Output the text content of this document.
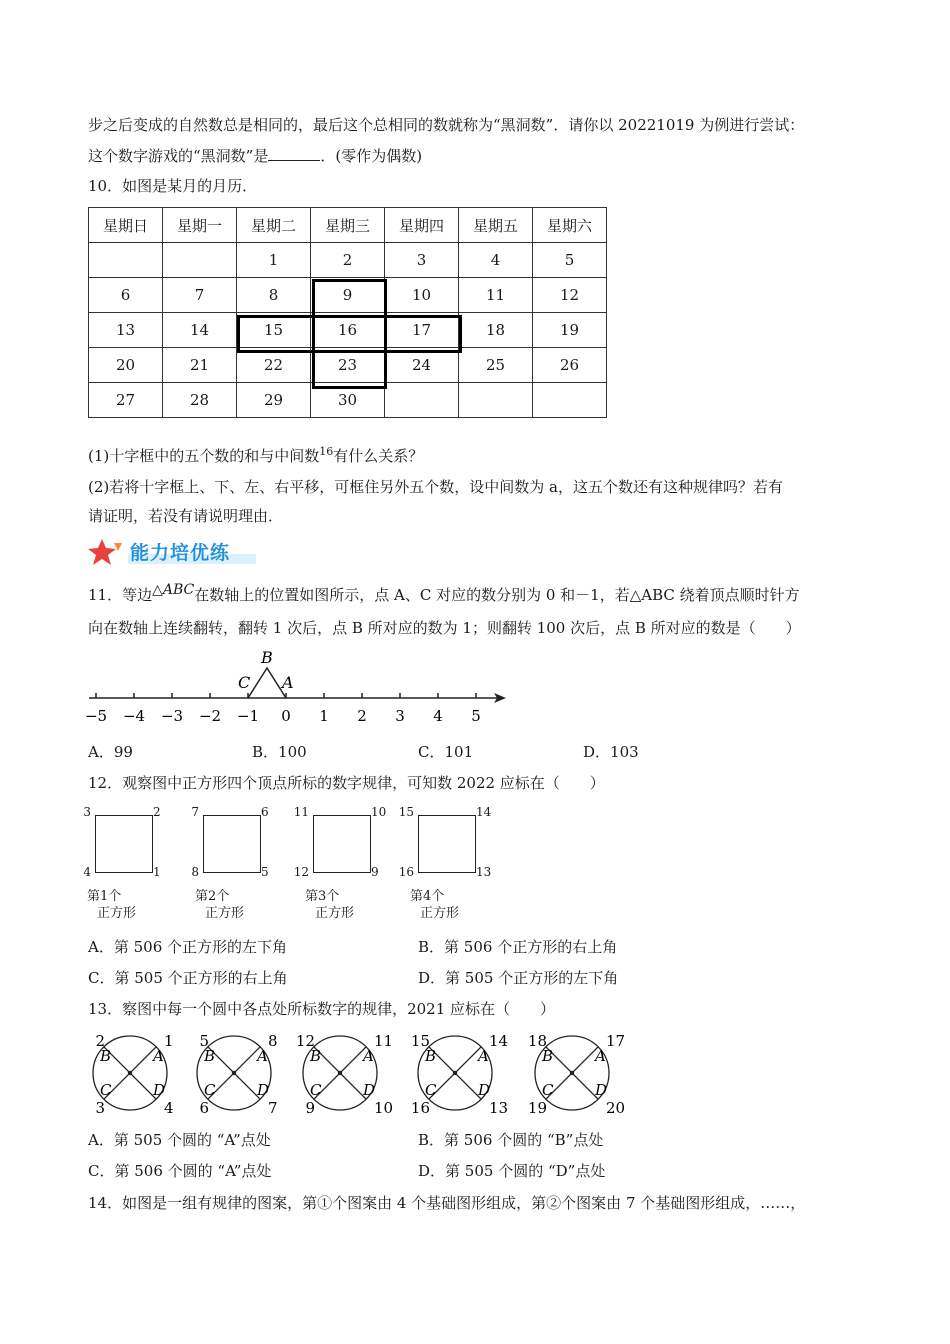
步之后变成的自然数总是相同的，最后这个总相同的数就称为“黑洞数”．请你以 20221019 为例进行尝试：
这个数字游戏的“黑洞数”是	．(零作为偶数)
10．如图是某月的月历．
星期日	星期一	星期二	星期三	星期四	星期五	星期六
		1	2	3	4	5
6	7	8	9	10	11	12
13	14	15	16	17	18	19
20	21	22	23	24	25	26
27	28	29	30			
(1)十字框中的五个数的和与中间数$^{16}$有什么关系？
(2)若将十字框上、下、左、右平移，可框住另外五个数，设中间数为 a，这五个数还有这种规律吗？若有
请证明，若没有请说明理由．
能力培优练
11．等边△ABC在数轴上的位置如图所示，点 A、C 对应的数分别为 0 和－1，若△ABC 绕着顶点顺时针方
向在数轴上连续翻转，翻转 1 次后，点 B 所对应的数为 1；则翻转 100 次后，点 B 所对应的数是（　　）
−5 −4 −3 −2 −1 0 1 2 3 4 5
B
C A
A．99	B．100	C．101	D．103
12．观察图中正方形四个顶点所标的数字规律，可知数 2022 应标在（　　）
3	2
4	1
第1个
正方形
7	6
8	5
第2个
正方形
11	10
12	9
第3个
正方形
15	14
16	13
第4个
正方形
A．第 506 个正方形的左下角	B．第 506 个正方形的右上角
C．第 505 个正方形的右上角	D．第 505 个正方形的左下角
13．察图中每一个圆中各点处所标数字的规律，2021 应标在（　　）
B	A
C	D
2	1
3	4
B	A
C	D
5	8
6	7
B	A
C	D
12	11
9	10
B	A
C	D
15	14
16	13
B	A
C	D
18	17
19	20
A．第 505 个圆的 “A”点处	B．第 506 个圆的 “B”点处
C．第 506 个圆的 “A”点处	D．第 505 个圆的 “D”点处
14．如图是一组有规律的图案，第①个图案由 4 个基础图形组成，第②个图案由 7 个基础图形组成，……，
